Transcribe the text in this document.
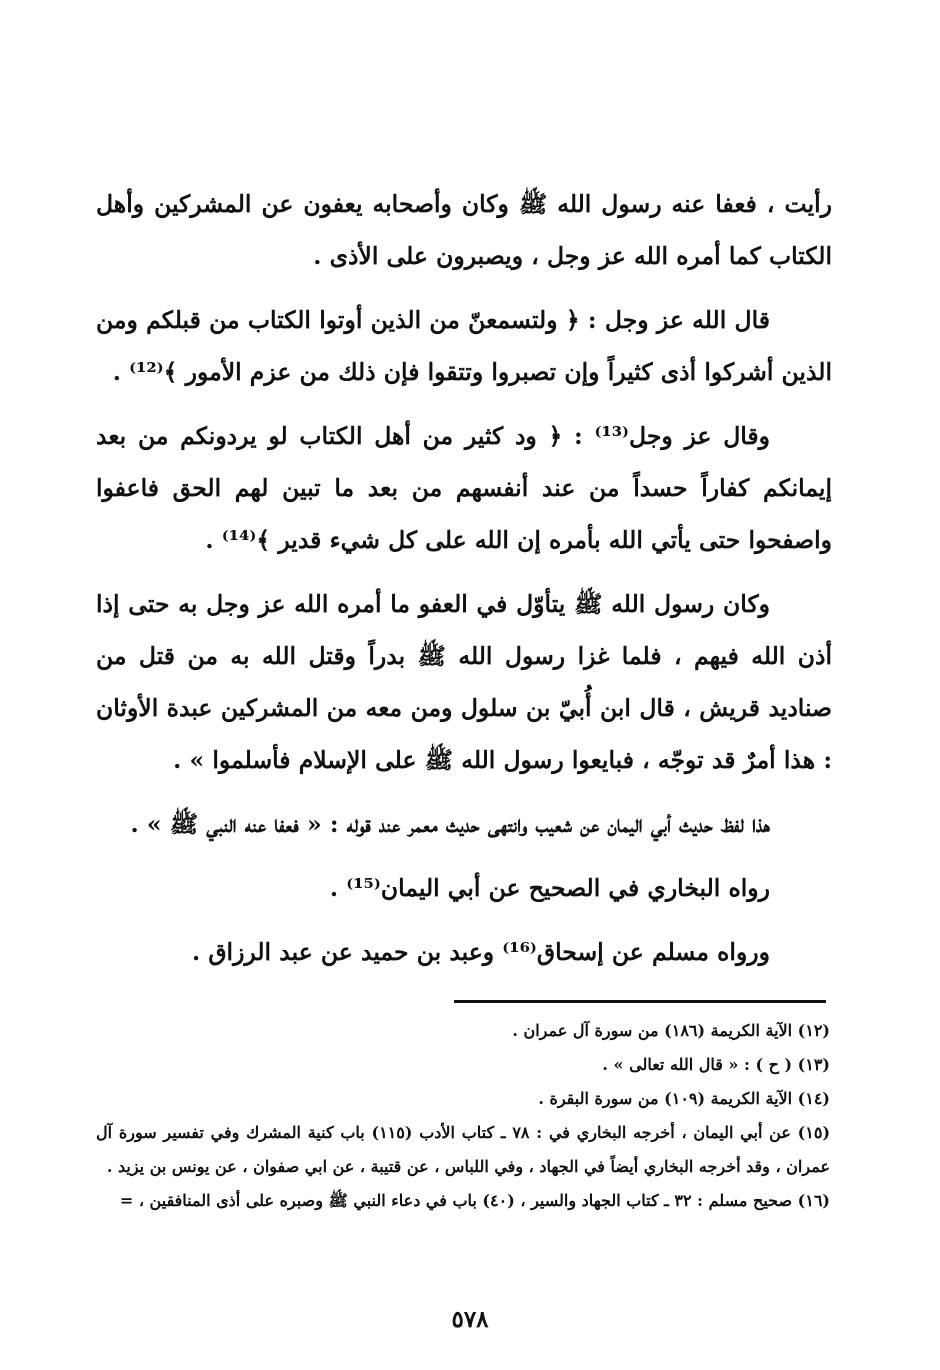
رأيت ، فعفا عنه رسول الله ﷺ وكان وأصحابه يعفون عن المشركين وأهل الكتاب كما أمره الله عز وجل ، ويصبرون على الأذى .

قال الله عز وجل : ﴿ ولتسمعنّ من الذين أوتوا الكتاب من قبلكم ومن الذين أشركوا أذى كثيراً وإن تصبروا وتتقوا فإن ذلك من عزم الأمور ﴾⁽¹²⁾ .

وقال عز وجل⁽¹³⁾ : ﴿ ود كثير من أهل الكتاب لو يردونكم من بعد إيمانكم كفاراً حسداً من عند أنفسهم من بعد ما تبين لهم الحق فاعفوا واصفحوا حتى يأتي الله بأمره إن الله على كل شيء قدير ﴾⁽¹⁴⁾ .

وكان رسول الله ﷺ يتأوّل في العفو ما أمره الله عز وجل به حتى إذا أذن الله فيهم ، فلما غزا رسول الله ﷺ بدراً وقتل الله به من قتل من صناديد قريش ، قال ابن أُبيّ بن سلول ومن معه من المشركين عبدة الأوثان : هذا أمرٌ قد توجّه ، فبايعوا رسول الله ﷺ على الإسلام فأسلموا » .

هذا لفظ حديث أبي اليمان عن شعيب وانتهى حديث معمر عند قوله : « فعفا عنه النبي ﷺ » .

رواه البخاري في الصحيح عن أبي اليمان⁽¹⁵⁾ .

ورواه مسلم عن إسحاق⁽¹⁶⁾ وعبد بن حميد عن عبد الرزاق .

(١٢) الآية الكريمة (١٨٦) من سورة آل عمران .

(١٣) ( ح ) : « قال الله تعالى » .

(١٤) الآية الكريمة (١٠٩) من سورة البقرة .

(١٥) عن أبي اليمان ، أخرجه البخاري في : ٧٨ ـ كتاب الأدب (١١٥) باب كنية المشرك وفي تفسير سورة آل عمران ، وقد أخرجه البخاري أيضاً في الجهاد ، وفي اللباس ، عن قتيبة ، عن ابي صفوان ، عن يونس بن يزيد .

(١٦) صحيح مسلم : ٣٢ ـ كتاب الجهاد والسير ، (٤٠) باب في دعاء النبي ﷺ وصبره على أذى المنافقين ، =

٥٧٨
